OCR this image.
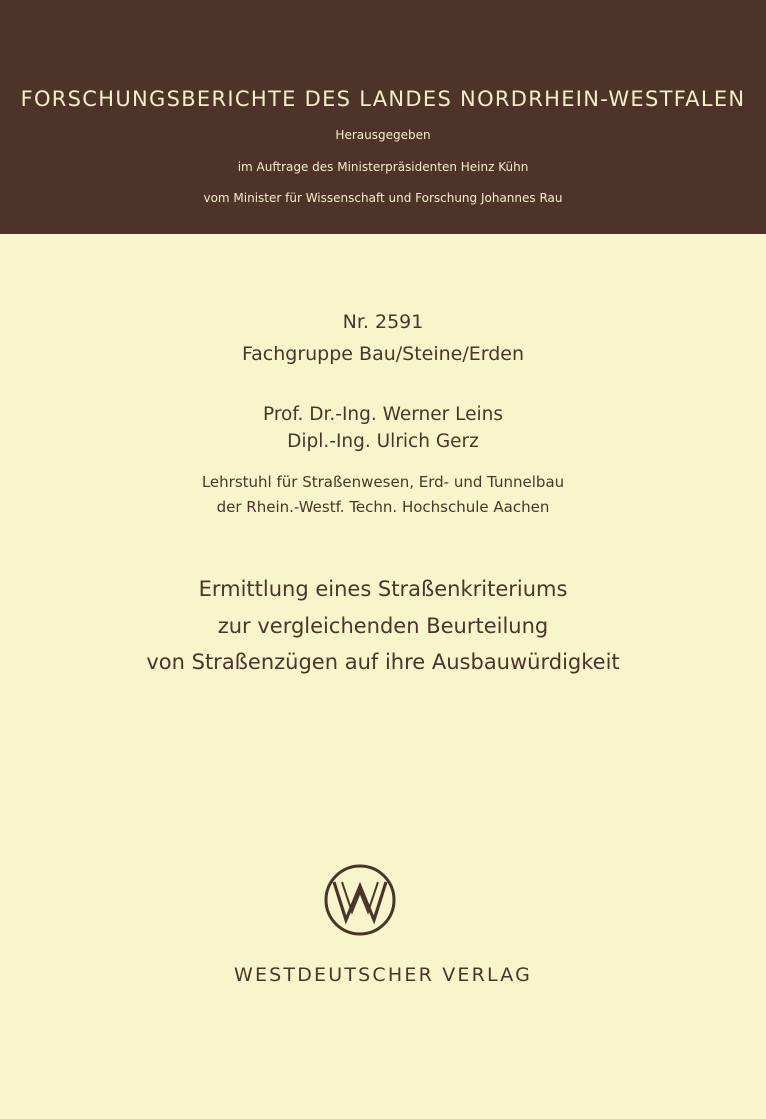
FORSCHUNGSBERICHTE DES LANDES NORDRHEIN-WESTFALEN
Herausgegeben
im Auftrage des Ministerpräsidenten Heinz Kühn
vom Minister für Wissenschaft und Forschung Johannes Rau
Nr. 2591
Fachgruppe Bau/Steine/Erden
Prof. Dr.-Ing. Werner Leins
Dipl.-Ing. Ulrich Gerz
Lehrstuhl für Straßenwesen, Erd- und Tunnelbau
der Rhein.-Westf. Techn. Hochschule Aachen
Ermittlung eines Straßenkriteriums
zur vergleichenden Beurteilung
von Straßenzügen auf ihre Ausbauwürdigkeit
WESTDEUTSCHER VERLAG
